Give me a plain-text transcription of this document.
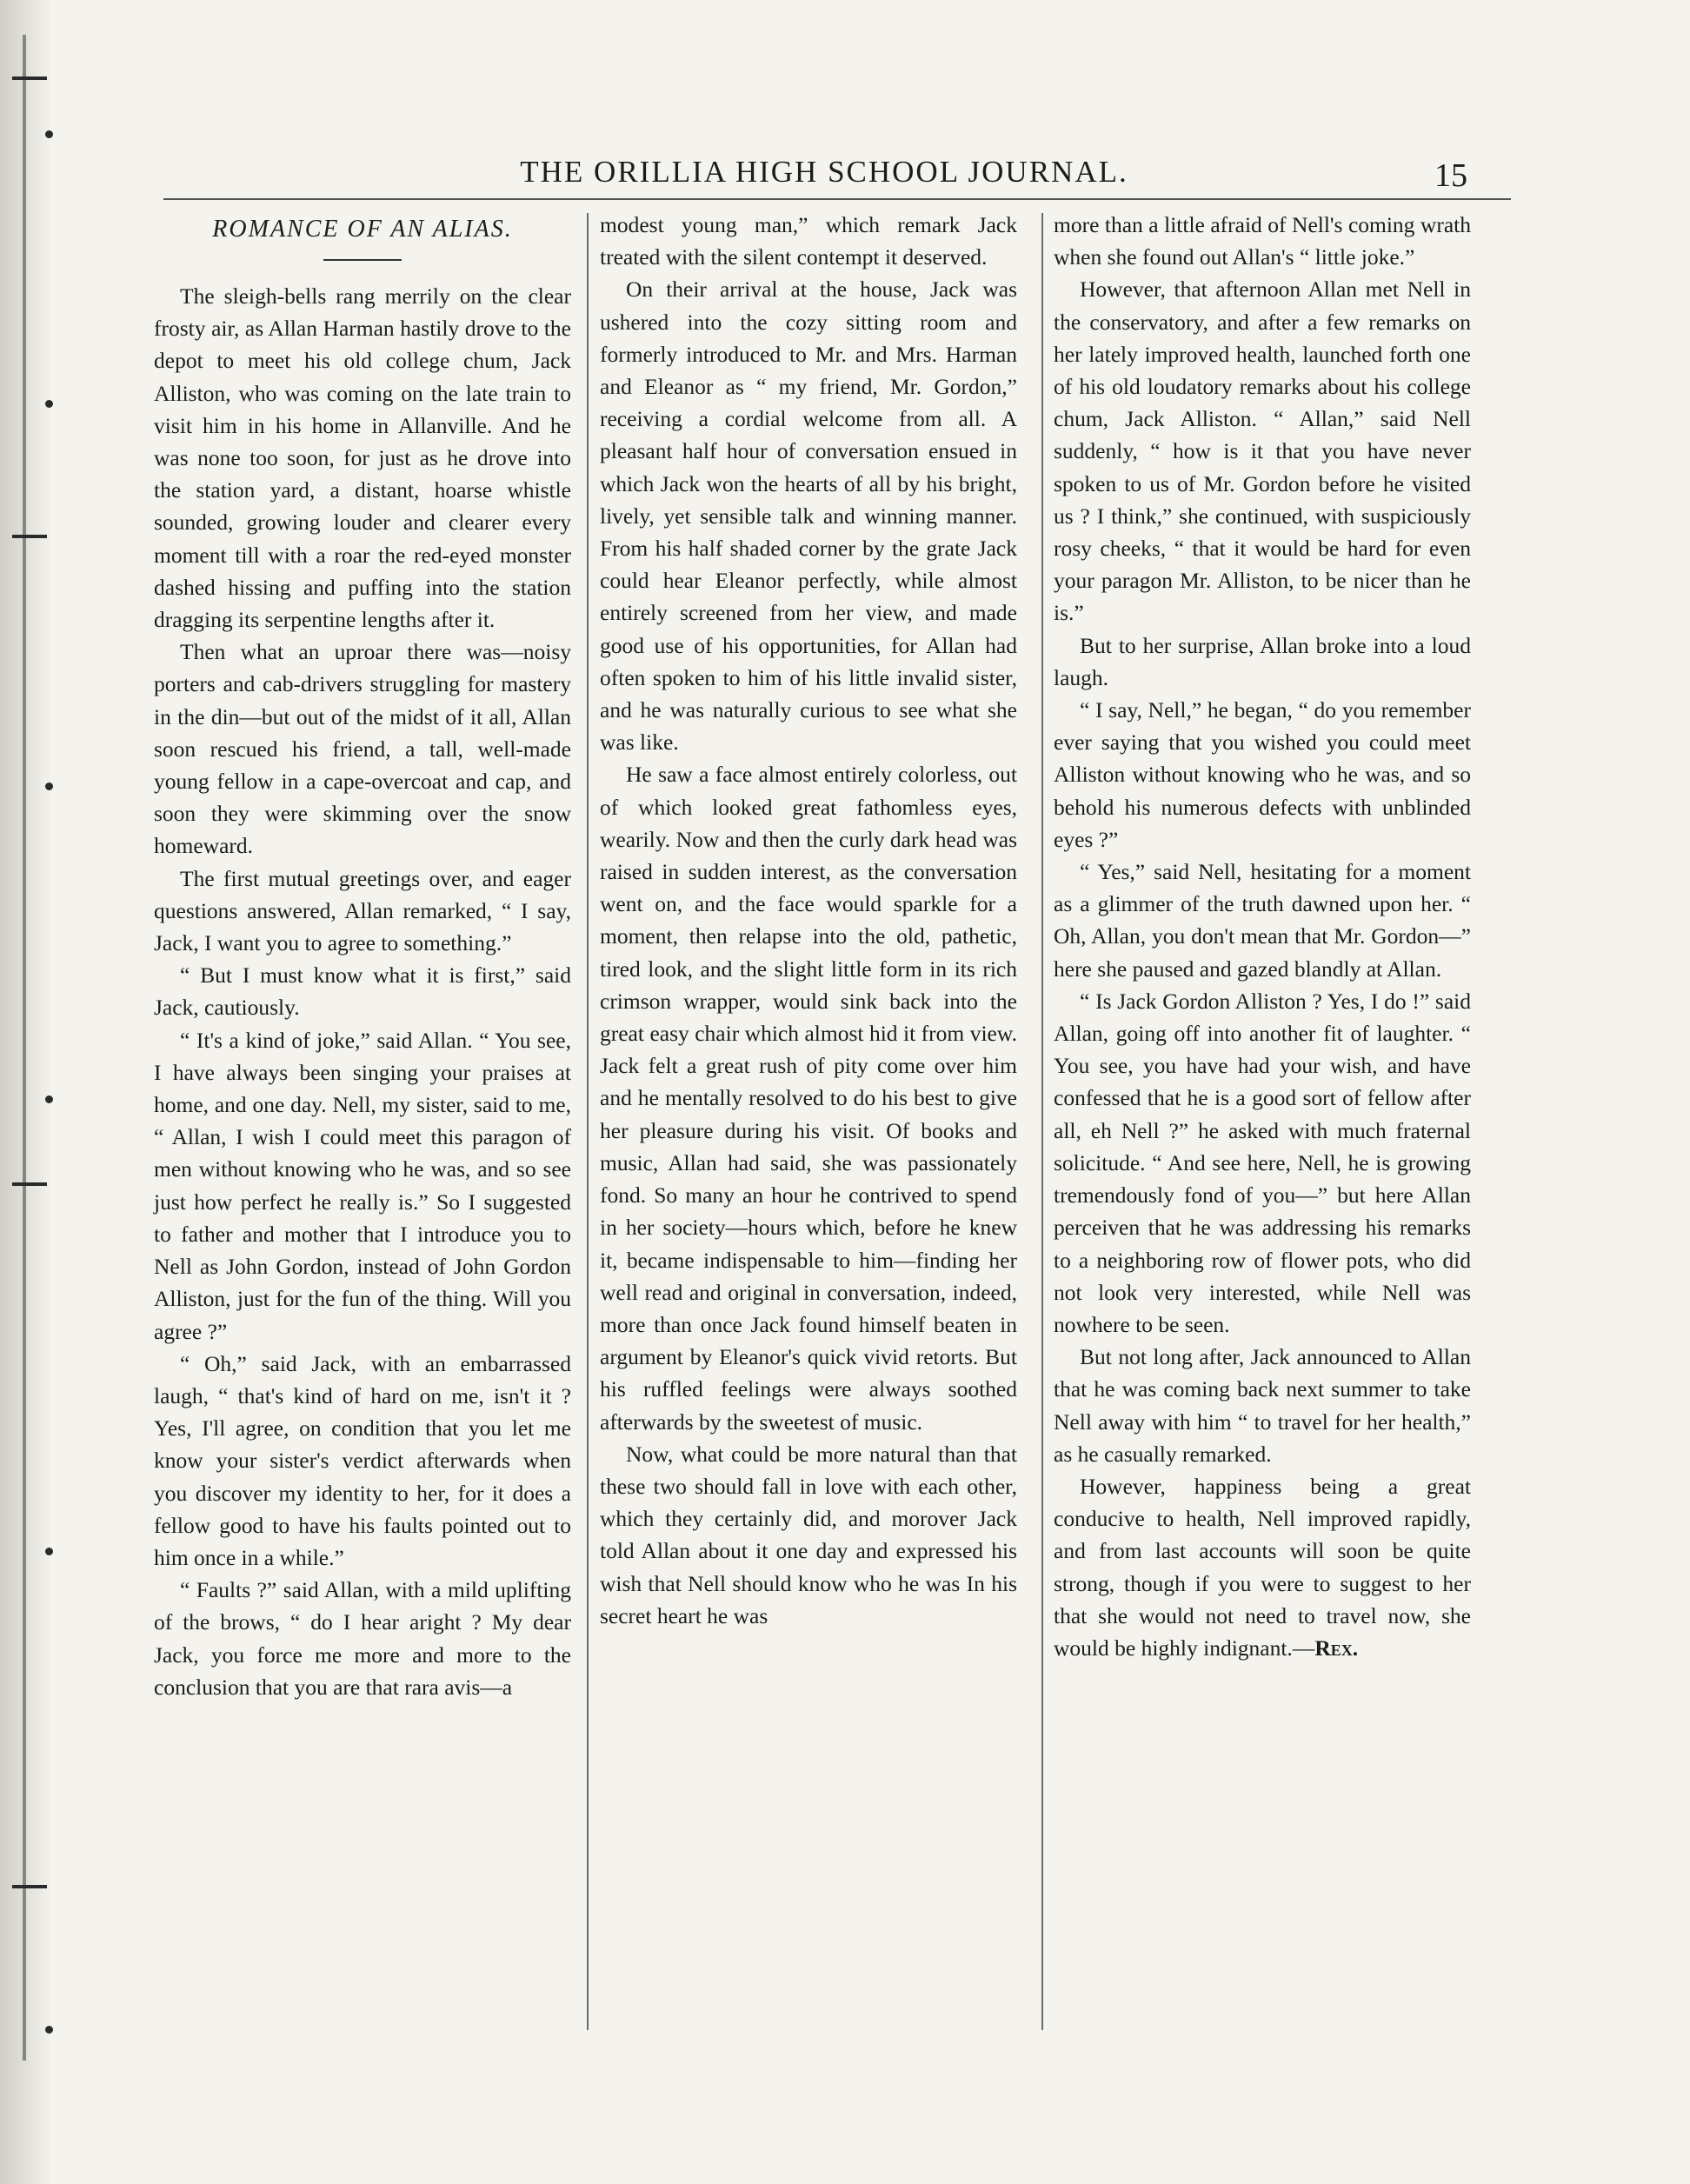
THE ORILLIA HIGH SCHOOL JOURNAL.	15
ROMANCE OF AN ALIAS.

The sleigh-bells rang merrily on the clear frosty air, as Allan Harman hastily drove to the depot to meet his old college chum, Jack Alliston, who was coming on the late train to visit him in his home in Allanville. And he was none too soon, for just as he drove into the station yard, a distant, hoarse whistle sounded, growing louder and clearer every moment till with a roar the red-eyed monster dashed hissing and puffing into the station dragging its serpentine lengths after it.

Then what an uproar there was—noisy porters and cab-drivers struggling for mastery in the din—but out of the midst of it all, Allan soon rescued his friend, a tall, well-made young fellow in a cape-overcoat and cap, and soon they were skimming over the snow homeward.

The first mutual greetings over, and eager questions answered, Allan remarked, “ I say, Jack, I want you to agree to something.”

“ But I must know what it is first,” said Jack, cautiously.

“ It's a kind of joke,” said Allan. “ You see, I have always been singing your praises at home, and one day. Nell, my sister, said to me, “ Allan, I wish I could meet this paragon of men without knowing who he was, and so see just how perfect he really is.” So I suggested to father and mother that I introduce you to Nell as John Gordon, instead of John Gordon Alliston, just for the fun of the thing. Will you agree ?”

“ Oh,” said Jack, with an embarrassed laugh, “ that's kind of hard on me, isn't it ? Yes, I'll agree, on condition that you let me know your sister's verdict afterwards when you discover my identity to her, for it does a fellow good to have his faults pointed out to him once in a while.”

“ Faults ?” said Allan, with a mild uplifting of the brows, “ do I hear aright ? My dear Jack, you force me more and more to the conclusion that you are that rara avis—a

modest young man,” which remark Jack treated with the silent contempt it deserved.

On their arrival at the house, Jack was ushered into the cozy sitting room and formerly introduced to Mr. and Mrs. Harman and Eleanor as “ my friend, Mr. Gordon,” receiving a cordial welcome from all. A pleasant half hour of conversation ensued in which Jack won the hearts of all by his bright, lively, yet sensible talk and winning manner. From his half shaded corner by the grate Jack could hear Eleanor perfectly, while almost entirely screened from her view, and made good use of his opportunities, for Allan had often spoken to him of his little invalid sister, and he was naturally curious to see what she was like.

He saw a face almost entirely colorless, out of which looked great fathomless eyes, wearily. Now and then the curly dark head was raised in sudden interest, as the conversation went on, and the face would sparkle for a moment, then relapse into the old, pathetic, tired look, and the slight little form in its rich crimson wrapper, would sink back into the great easy chair which almost hid it from view. Jack felt a great rush of pity come over him and he mentally resolved to do his best to give her pleasure during his visit. Of books and music, Allan had said, she was passionately fond. So many an hour he contrived to spend in her society—hours which, before he knew it, became indispensable to him—finding her well read and original in conversation, indeed, more than once Jack found himself beaten in argument by Eleanor's quick vivid retorts. But his ruffled feelings were always soothed afterwards by the sweetest of music.

Now, what could be more natural than that these two should fall in love with each other, which they certainly did, and morover Jack told Allan about it one day and expressed his wish that Nell should know who he was In his secret heart he was

more than a little afraid of Nell's coming wrath when she found out Allan's “ little joke.”

However, that afternoon Allan met Nell in the conservatory, and after a few remarks on her lately improved health, launched forth one of his old loudatory remarks about his college chum, Jack Alliston. “ Allan,” said Nell suddenly, “ how is it that you have never spoken to us of Mr. Gordon before he visited us ? I think,” she continued, with suspiciously rosy cheeks, “ that it would be hard for even your paragon Mr. Alliston, to be nicer than he is.”

But to her surprise, Allan broke into a loud laugh.

“ I say, Nell,” he began, “ do you remember ever saying that you wished you could meet Alliston without knowing who he was, and so behold his numerous defects with unblinded eyes ?”

“ Yes,” said Nell, hesitating for a moment as a glimmer of the truth dawned upon her. “ Oh, Allan, you don't mean that Mr. Gordon—” here she paused and gazed blandly at Allan.

“ Is Jack Gordon Alliston ? Yes, I do !” said Allan, going off into another fit of laughter. “ You see, you have had your wish, and have confessed that he is a good sort of fellow after all, eh Nell ?” he asked with much fraternal solicitude. “ And see here, Nell, he is growing tremendously fond of you—” but here Allan perceiven that he was addressing his remarks to a neighboring row of flower pots, who did not look very interested, while Nell was nowhere to be seen.

But not long after, Jack announced to Allan that he was coming back next summer to take Nell away with him “ to travel for her health,” as he casually remarked.

However, happiness being a great conducive to health, Nell improved rapidly, and from last accounts will soon be quite strong, though if you were to suggest to her that she would not need to travel now, she would be highly indignant.—Rex.
